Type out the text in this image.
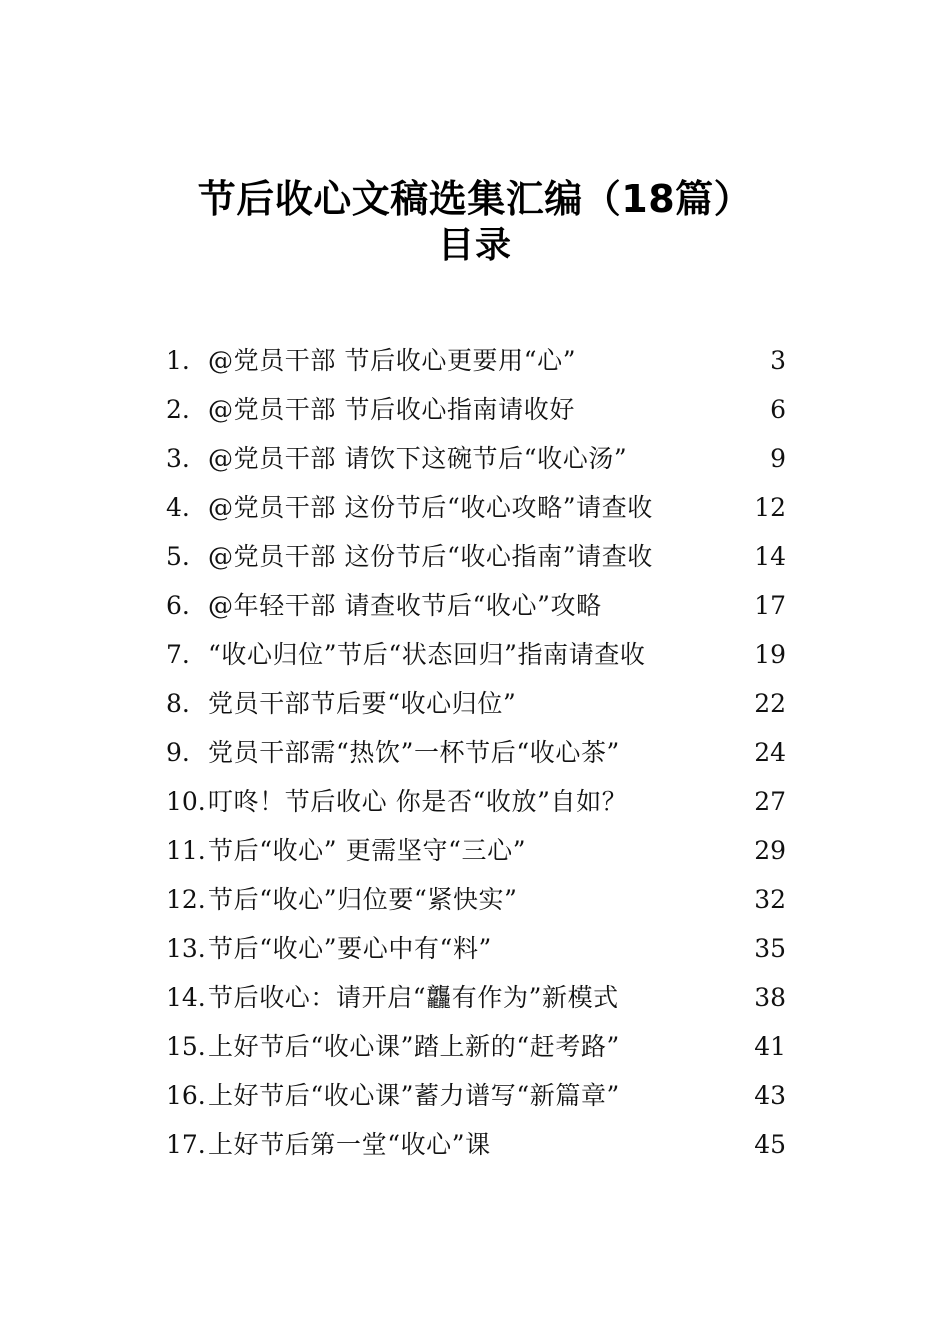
节后收心文稿选集汇编（18篇）
目录
1. @党员干部 节后收心更要用“心” .....	3
2. @党员干部 节后收心指南请收好 .....	6
3. @党员干部 请饮下这碗节后“收心汤” .....	9
4. @党员干部 这份节后“收心攻略”请查收 .....	12
5. @党员干部 这份节后“收心指南”请查收 .....	14
6. @年轻干部 请查收节后“收心”攻略 .....	17
7. “收心归位”节后“状态回归”指南请查收 .....	19
8. 党员干部节后要“收心归位” .....	22
9. 党员干部需“热饮”一杯节后“收心茶” .....	24
10. 叮咚！节后收心 你是否“收放”自如？ .....	27
11. 节后“收心” 更需坚守“三心” .....	29
12. 节后“收心”归位要“紧快实” .....	32
13. 节后“收心”要心中有“料” .....	35
14. 节后收心：请开启“龘有作为”新模式 .....	38
15. 上好节后“收心课”踏上新的“赶考路” .....	41
16. 上好节后“收心课”蓄力谱写“新篇章” .....	43
17. 上好节后第一堂“收心”课 .....	45
